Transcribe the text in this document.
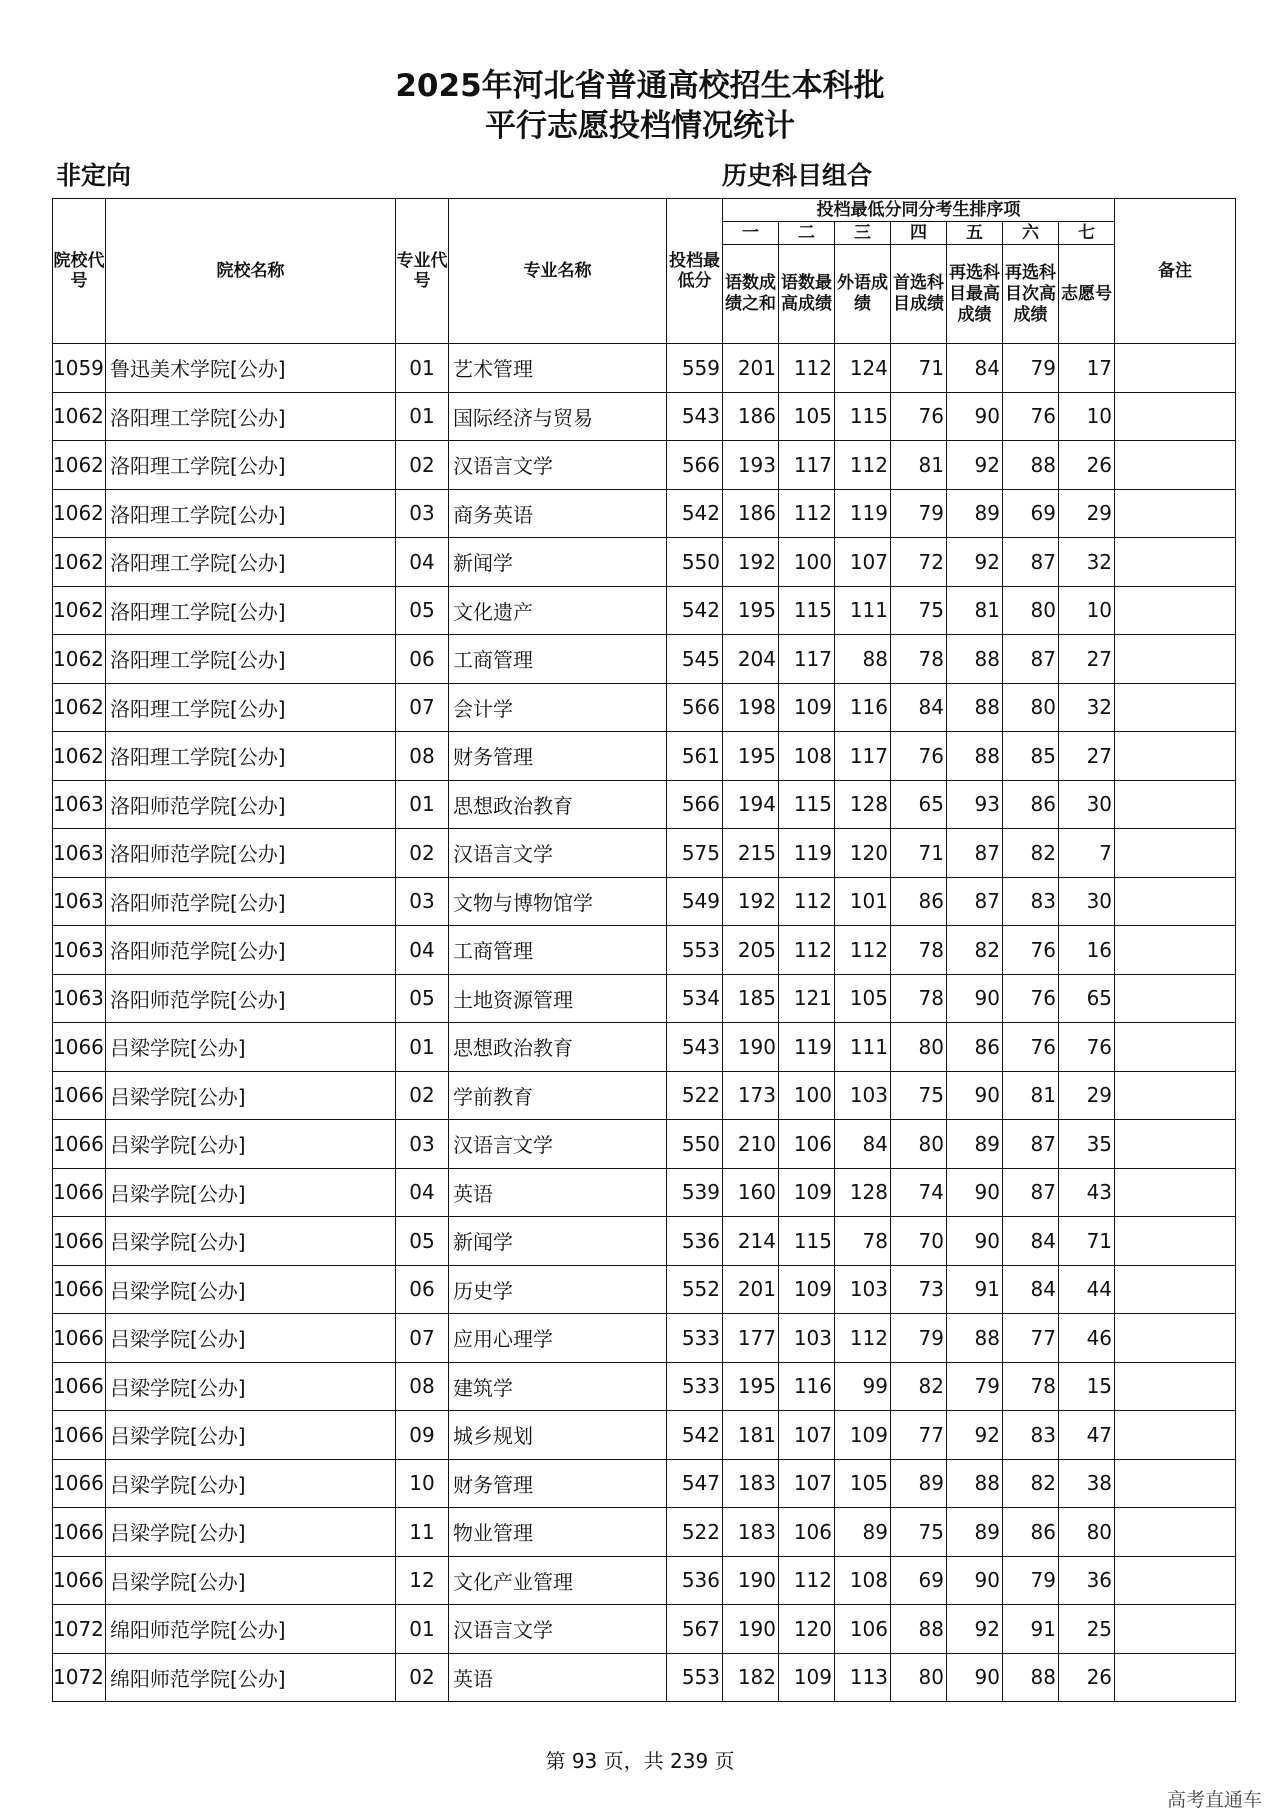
2025年河北省普通高校招生本科批
平行志愿投档情况统计
非定向	历史科目组合
院校代号	院校名称	专业代号	专业名称	投档最低分	投档最低分同分考生排序项							备注
					一	二	三	四	五	六	七	
					语数成绩之和	语数最高成绩	外语成绩	首选科目成绩	再选科目最高成绩	再选科目次高成绩	志愿号	
1059	鲁迅美术学院[公办]	01	艺术管理	559	201	112	124	71	84	79	17	
1062	洛阳理工学院[公办]	01	国际经济与贸易	543	186	105	115	76	90	76	10	
1062	洛阳理工学院[公办]	02	汉语言文学	566	193	117	112	81	92	88	26	
1062	洛阳理工学院[公办]	03	商务英语	542	186	112	119	79	89	69	29	
1062	洛阳理工学院[公办]	04	新闻学	550	192	100	107	72	92	87	32	
1062	洛阳理工学院[公办]	05	文化遗产	542	195	115	111	75	81	80	10	
1062	洛阳理工学院[公办]	06	工商管理	545	204	117	88	78	88	87	27	
1062	洛阳理工学院[公办]	07	会计学	566	198	109	116	84	88	80	32	
1062	洛阳理工学院[公办]	08	财务管理	561	195	108	117	76	88	85	27	
1063	洛阳师范学院[公办]	01	思想政治教育	566	194	115	128	65	93	86	30	
1063	洛阳师范学院[公办]	02	汉语言文学	575	215	119	120	71	87	82	7	
1063	洛阳师范学院[公办]	03	文物与博物馆学	549	192	112	101	86	87	83	30	
1063	洛阳师范学院[公办]	04	工商管理	553	205	112	112	78	82	76	16	
1063	洛阳师范学院[公办]	05	土地资源管理	534	185	121	105	78	90	76	65	
1066	吕梁学院[公办]	01	思想政治教育	543	190	119	111	80	86	76	76	
1066	吕梁学院[公办]	02	学前教育	522	173	100	103	75	90	81	29	
1066	吕梁学院[公办]	03	汉语言文学	550	210	106	84	80	89	87	35	
1066	吕梁学院[公办]	04	英语	539	160	109	128	74	90	87	43	
1066	吕梁学院[公办]	05	新闻学	536	214	115	78	70	90	84	71	
1066	吕梁学院[公办]	06	历史学	552	201	109	103	73	91	84	44	
1066	吕梁学院[公办]	07	应用心理学	533	177	103	112	79	88	77	46	
1066	吕梁学院[公办]	08	建筑学	533	195	116	99	82	79	78	15	
1066	吕梁学院[公办]	09	城乡规划	542	181	107	109	77	92	83	47	
1066	吕梁学院[公办]	10	财务管理	547	183	107	105	89	88	82	38	
1066	吕梁学院[公办]	11	物业管理	522	183	106	89	75	89	86	80	
1066	吕梁学院[公办]	12	文化产业管理	536	190	112	108	69	90	79	36	
1072	绵阳师范学院[公办]	01	汉语言文学	567	190	120	106	88	92	91	25	
1072	绵阳师范学院[公办]	02	英语	553	182	109	113	80	90	88	26	
第 93 页，共 239 页
高考直通车
